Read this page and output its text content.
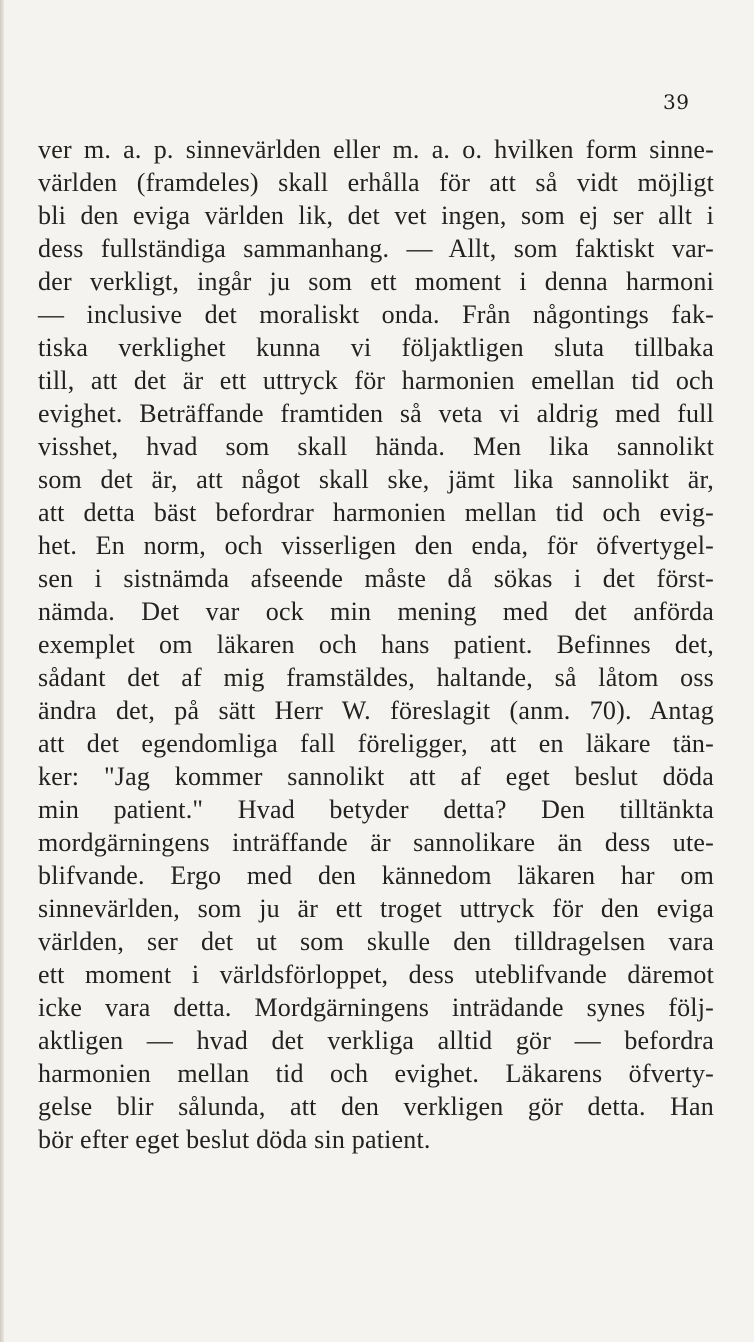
39
ver m. a. p. sinnevärlden eller m. a. o. hvilken form sinne-
världen (framdeles) skall erhålla för att så vidt möjligt
bli den eviga världen lik, det vet ingen, som ej ser allt i
dess fullständiga sammanhang. — Allt, som faktiskt var-
der verkligt, ingår ju som ett moment i denna harmoni
— inclusive det moraliskt onda. Från någontings fak-
tiska verklighet kunna vi följaktligen sluta tillbaka
till, att det är ett uttryck för harmonien emellan tid och
evighet. Beträffande framtiden så veta vi aldrig med full
visshet, hvad som skall hända. Men lika sannolikt
som det är, att något skall ske, jämt lika sannolikt är,
att detta bäst befordrar harmonien mellan tid och evig-
het. En norm, och visserligen den enda, för öfvertygel-
sen i sistnämda afseende måste då sökas i det först-
nämda. Det var ock min mening med det anförda
exemplet om läkaren och hans patient. Befinnes det,
sådant det af mig framstäldes, haltande, så låtom oss
ändra det, på sätt Herr W. föreslagit (anm. 70). Antag
att det egendomliga fall föreligger, att en läkare tän-
ker: "Jag kommer sannolikt att af eget beslut döda
min patient." Hvad betyder detta? Den tilltänkta
mordgärningens inträffande är sannolikare än dess ute-
blifvande. Ergo med den kännedom läkaren har om
sinnevärlden, som ju är ett troget uttryck för den eviga
världen, ser det ut som skulle den tilldragelsen vara
ett moment i världsförloppet, dess uteblifvande däremot
icke vara detta. Mordgärningens inträdande synes följ-
aktligen — hvad det verkliga alltid gör — befordra
harmonien mellan tid och evighet. Läkarens öfverty-
gelse blir sålunda, att den verkligen gör detta. Han
bör efter eget beslut döda sin patient.
